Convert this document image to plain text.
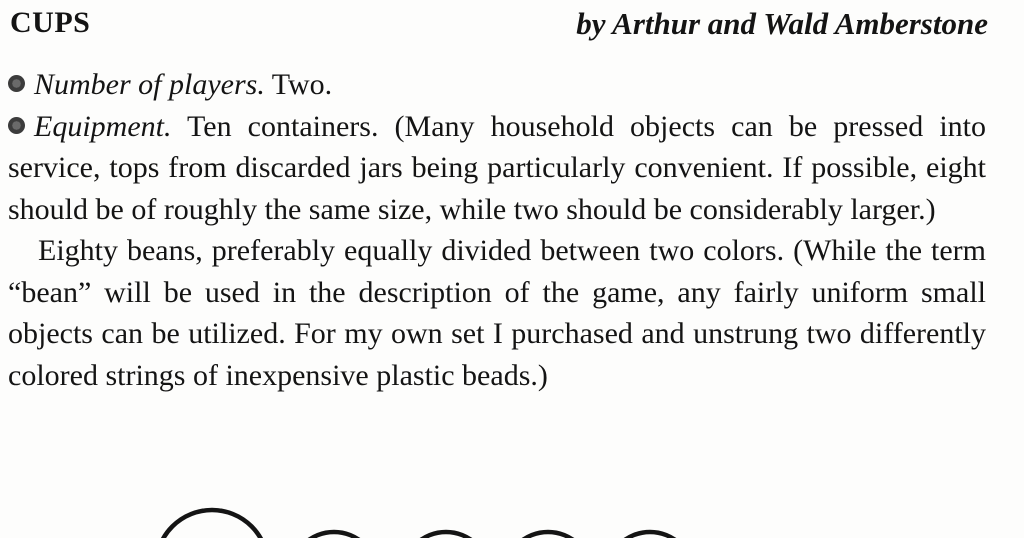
CUPS	by Arthur and Wald Amberstone

Number of players. Two.

Equipment. Ten containers. (Many household objects can be pressed into service, tops from discarded jars being particularly convenient. If possible, eight should be of roughly the same size, while two should be considerably larger.)

Eighty beans, preferably equally divided between two colors. (While the term “bean” will be used in the description of the game, any fairly uniform small objects can be utilized. For my own set I purchased and unstrung two differently colored strings of inexpensive plastic beads.)
